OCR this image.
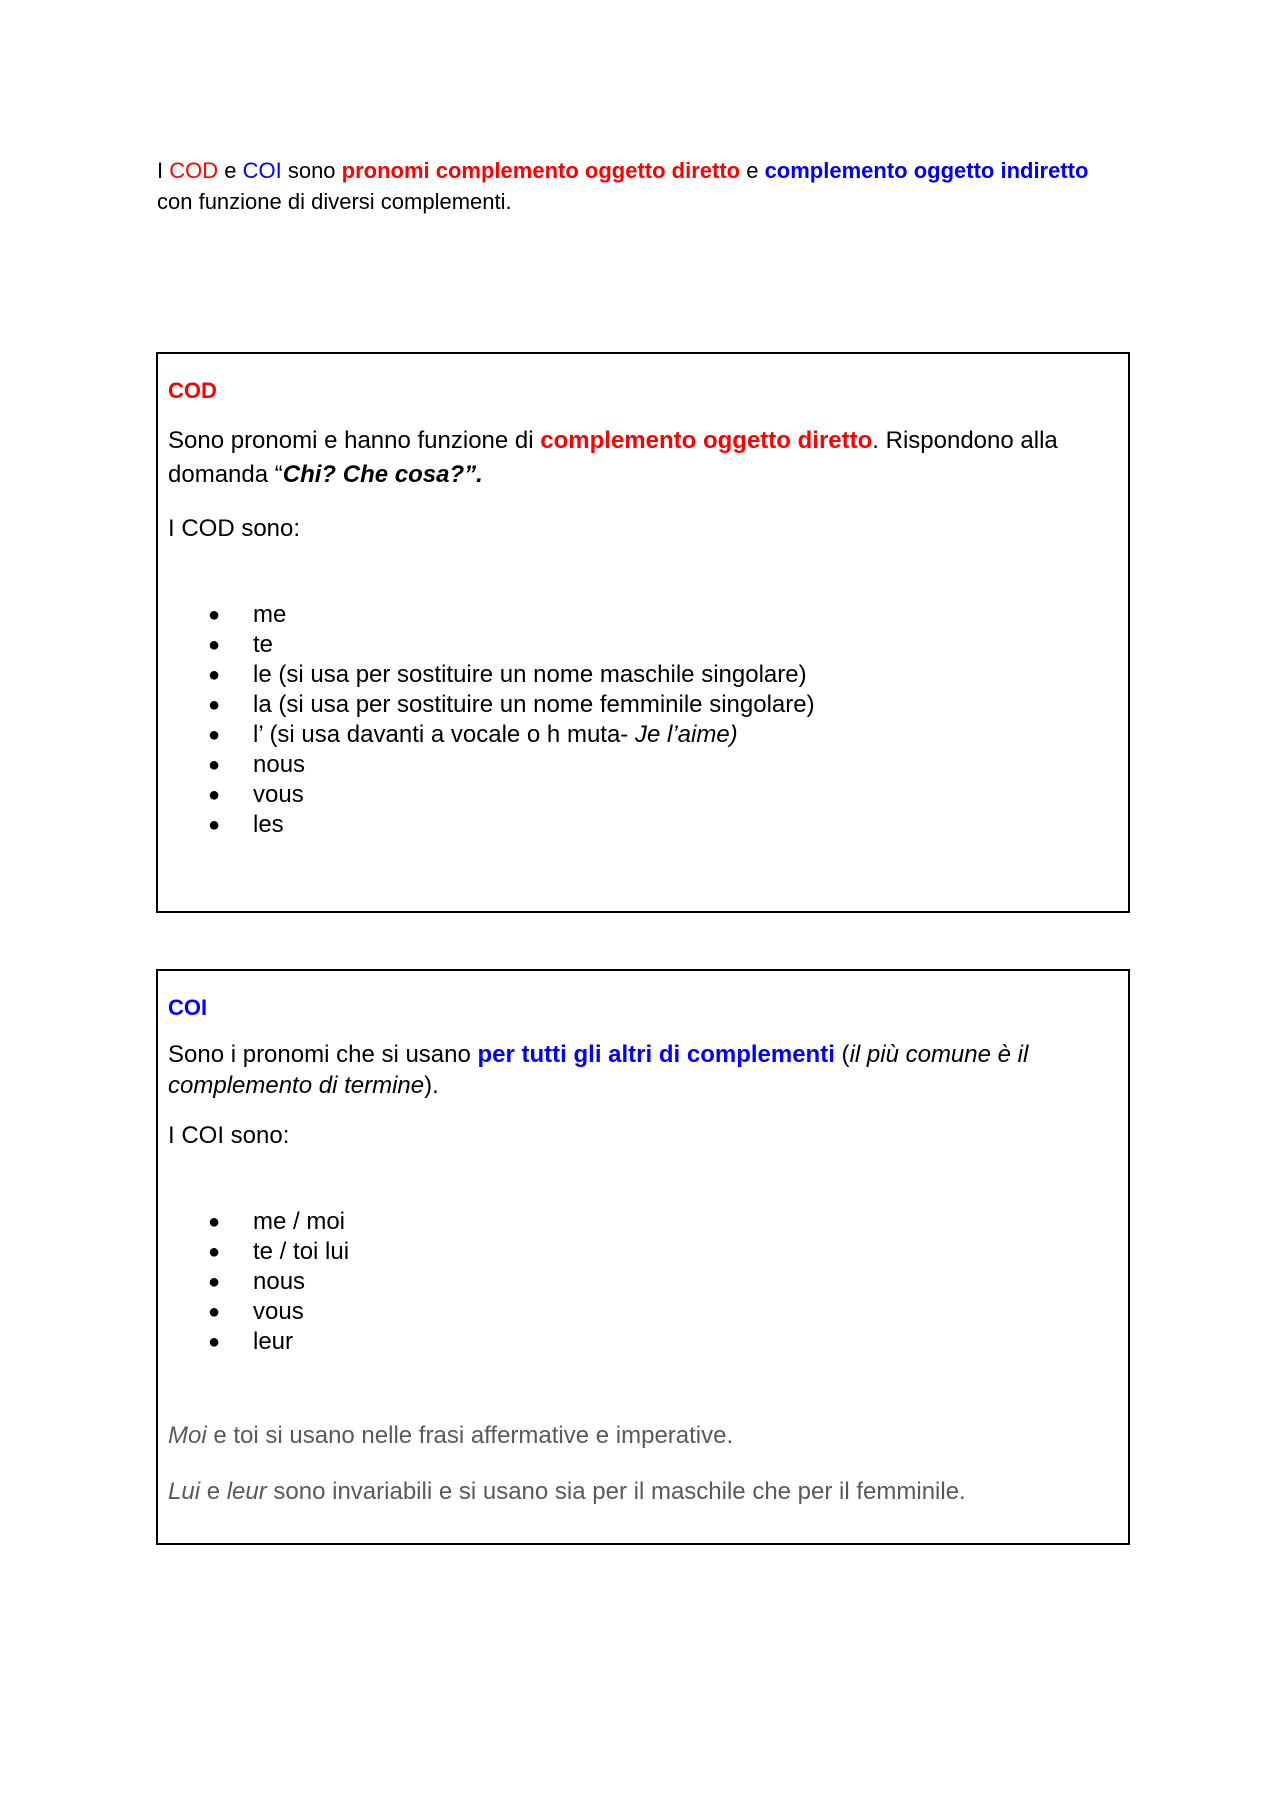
I COD e COI sono pronomi complemento oggetto diretto e complemento oggetto indiretto con funzione di diversi complementi.
COD
Sono pronomi e hanno funzione di complemento oggetto diretto. Rispondono alla domanda “Chi? Che cosa?”.
I COD sono:
● me
● te
● le (si usa per sostituire un nome maschile singolare)
● la (si usa per sostituire un nome femminile singolare)
● l’ (si usa davanti a vocale o h muta- Je l’aime)
● nous
● vous
● les
COI
Sono i pronomi che si usano per tutti gli altri di complementi (il più comune è il complemento di termine).
I COI sono:
● me / moi
● te / toi lui
● nous
● vous
● leur

Moi e toi si usano nelle frasi affermative e imperative.

Lui e leur sono invariabili e si usano sia per il maschile che per il femminile.
